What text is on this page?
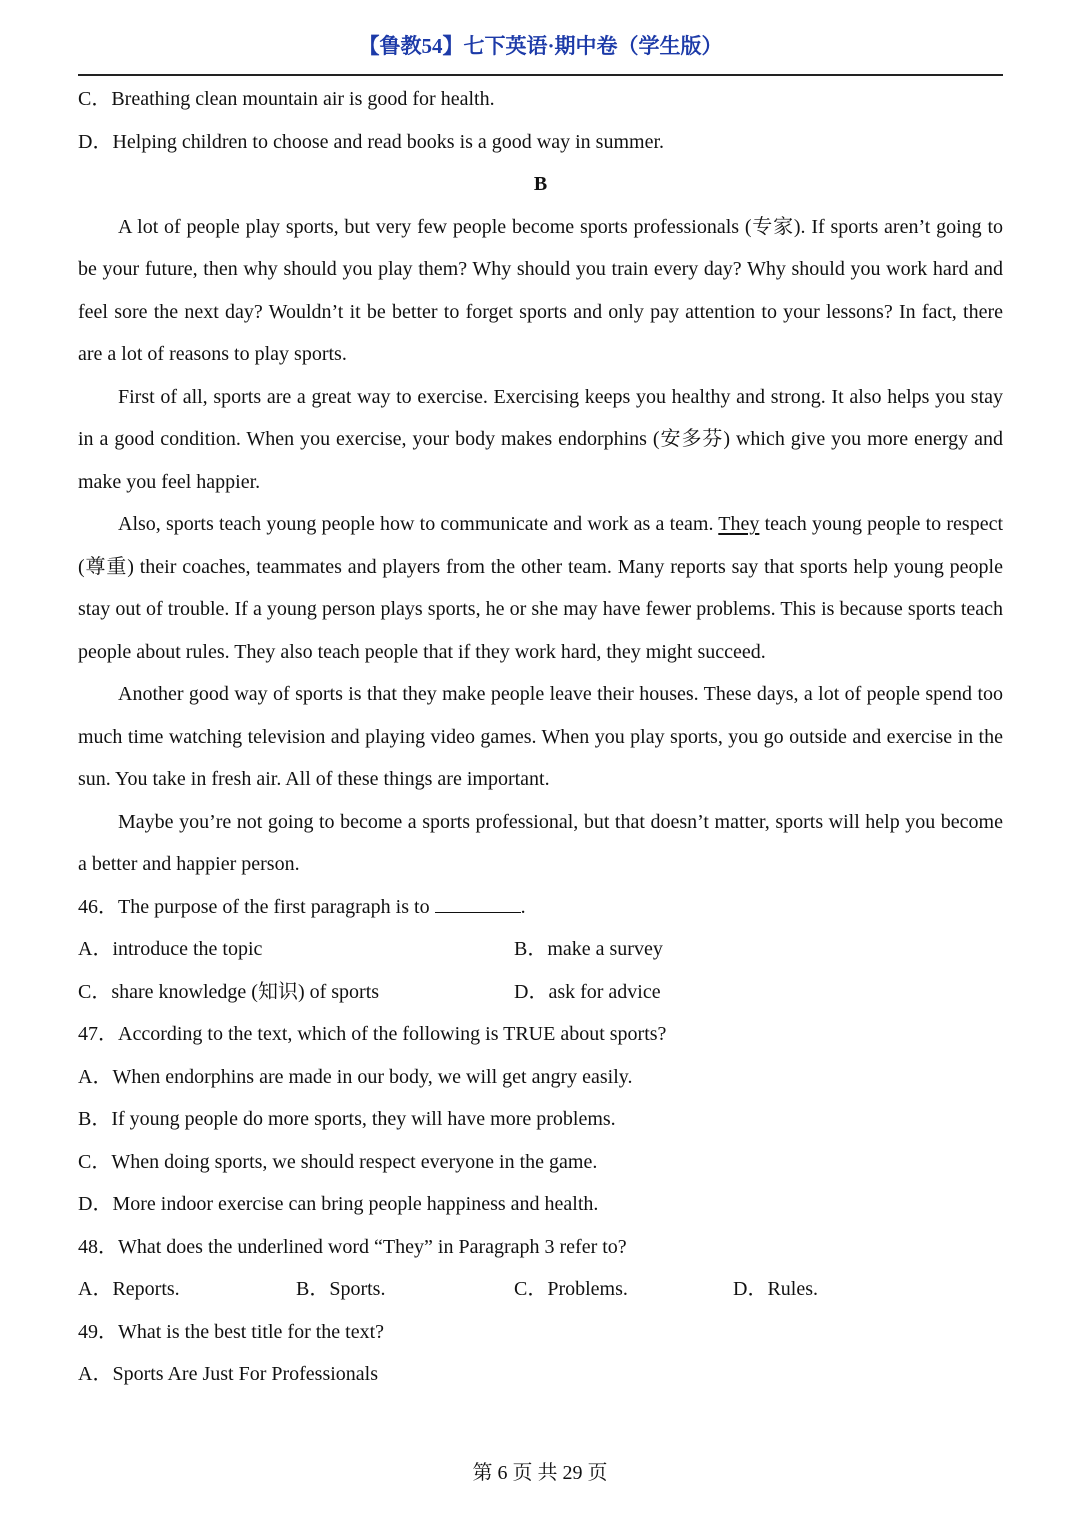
【鲁教54】七下英语·期中卷（学生版）
C．Breathing clean mountain air is good for health.
D．Helping children to choose and read books is a good way in summer.
B

A lot of people play sports, but very few people become sports professionals (专家). If sports aren’t going to be your future, then why should you play them? Why should you train every day? Why should you work hard and feel sore the next day? Wouldn’t it be better to forget sports and only pay attention to your lessons? In fact, there are a lot of reasons to play sports.

First of all, sports are a great way to exercise. Exercising keeps you healthy and strong. It also helps you stay in a good condition. When you exercise, your body makes endorphins (安多芬) which give you more energy and make you feel happier.

Also, sports teach young people how to communicate and work as a team. They teach young people to respect (尊重) their coaches, teammates and players from the other team. Many reports say that sports help young people stay out of trouble. If a young person plays sports, he or she may have fewer problems. This is because sports teach people about rules. They also teach people that if they work hard, they might succeed.

Another good way of sports is that they make people leave their houses. These days, a lot of people spend too much time watching television and playing video games. When you play sports, you go outside and exercise in the sun. You take in fresh air. All of these things are important.

Maybe you’re not going to become a sports professional, but that doesn’t matter, sports will help you become a better and happier person.

46．The purpose of the first paragraph is to	.
A．introduce the topic	B．make a survey
C．share knowledge (知识) of sports	D．ask for advice
47．According to the text, which of the following is TRUE about sports?
A．When endorphins are made in our body, we will get angry easily.
B．If young people do more sports, they will have more problems.
C．When doing sports, we should respect everyone in the game.
D．More indoor exercise can bring people happiness and health.
48．What does the underlined word “They” in Paragraph 3 refer to?
A．Reports.	B．Sports.	C．Problems.	D．Rules.
49．What is the best title for the text?
A．Sports Are Just For Professionals
第 6 页 共 29 页
